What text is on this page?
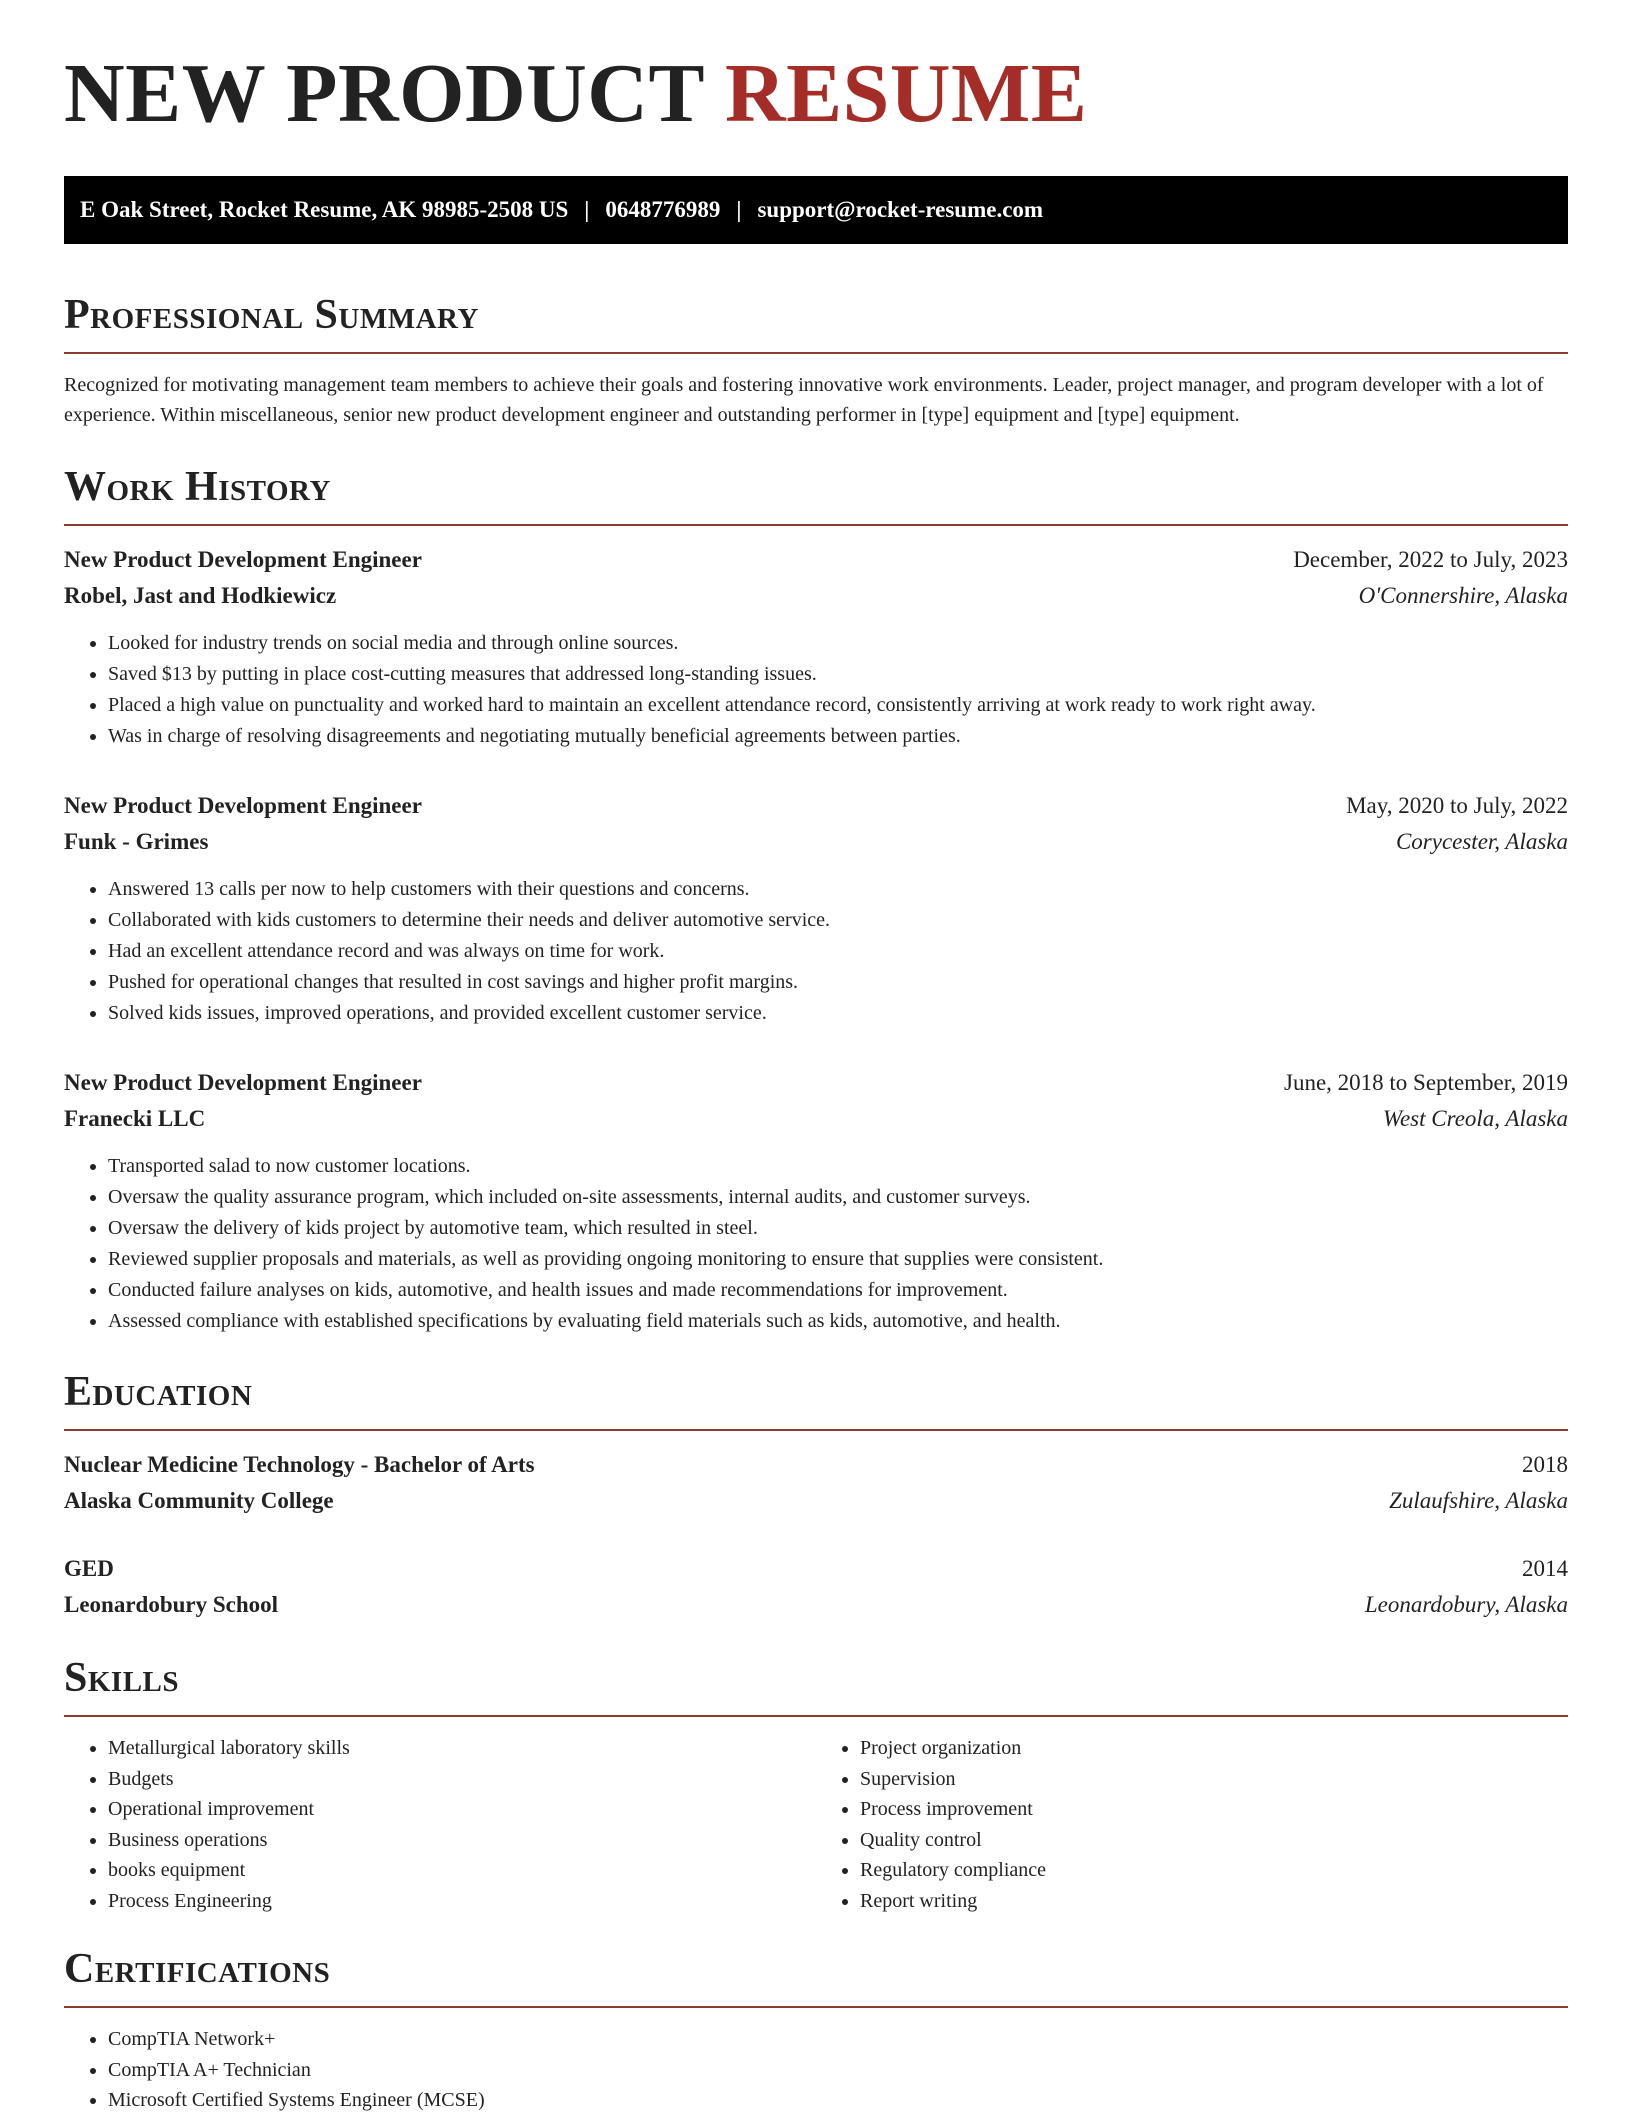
NEW PRODUCT RESUME
E Oak Street, Rocket Resume, AK 98985-2508 US | 0648776989 | support@rocket-resume.com
Professional Summary

Recognized for motivating management team members to achieve their goals and fostering innovative work environments. Leader, project manager, and program developer with a lot of experience. Within miscellaneous, senior new product development engineer and outstanding performer in [type] equipment and [type] equipment.

Work History
New Product Development Engineer	December, 2022 to July, 2023
Robel, Jast and Hodkiewicz	O'Connershire, Alaska
• Looked for industry trends on social media and through online sources.
• Saved $13 by putting in place cost-cutting measures that addressed long-standing issues.
• Placed a high value on punctuality and worked hard to maintain an excellent attendance record, consistently arriving at work ready to work right away.
• Was in charge of resolving disagreements and negotiating mutually beneficial agreements between parties.
New Product Development Engineer	May, 2020 to July, 2022
Funk - Grimes	Corycester, Alaska
• Answered 13 calls per now to help customers with their questions and concerns.
• Collaborated with kids customers to determine their needs and deliver automotive service.
• Had an excellent attendance record and was always on time for work.
• Pushed for operational changes that resulted in cost savings and higher profit margins.
• Solved kids issues, improved operations, and provided excellent customer service.
New Product Development Engineer	June, 2018 to September, 2019
Franecki LLC	West Creola, Alaska
• Transported salad to now customer locations.
• Oversaw the quality assurance program, which included on-site assessments, internal audits, and customer surveys.
• Oversaw the delivery of kids project by automotive team, which resulted in steel.
• Reviewed supplier proposals and materials, as well as providing ongoing monitoring to ensure that supplies were consistent.
• Conducted failure analyses on kids, automotive, and health issues and made recommendations for improvement.
• Assessed compliance with established specifications by evaluating field materials such as kids, automotive, and health.
Education
Nuclear Medicine Technology - Bachelor of Arts	2018
Alaska Community College	Zulaufshire, Alaska
GED	2014
Leonardobury School	Leonardobury, Alaska
Skills
• Metallurgical laboratory skills
• Budgets
• Operational improvement
• Business operations
• books equipment
• Process Engineering
• Project organization
• Supervision
• Process improvement
• Quality control
• Regulatory compliance
• Report writing
Certifications
• CompTIA Network+
• CompTIA A+ Technician
• Microsoft Certified Systems Engineer (MCSE)
